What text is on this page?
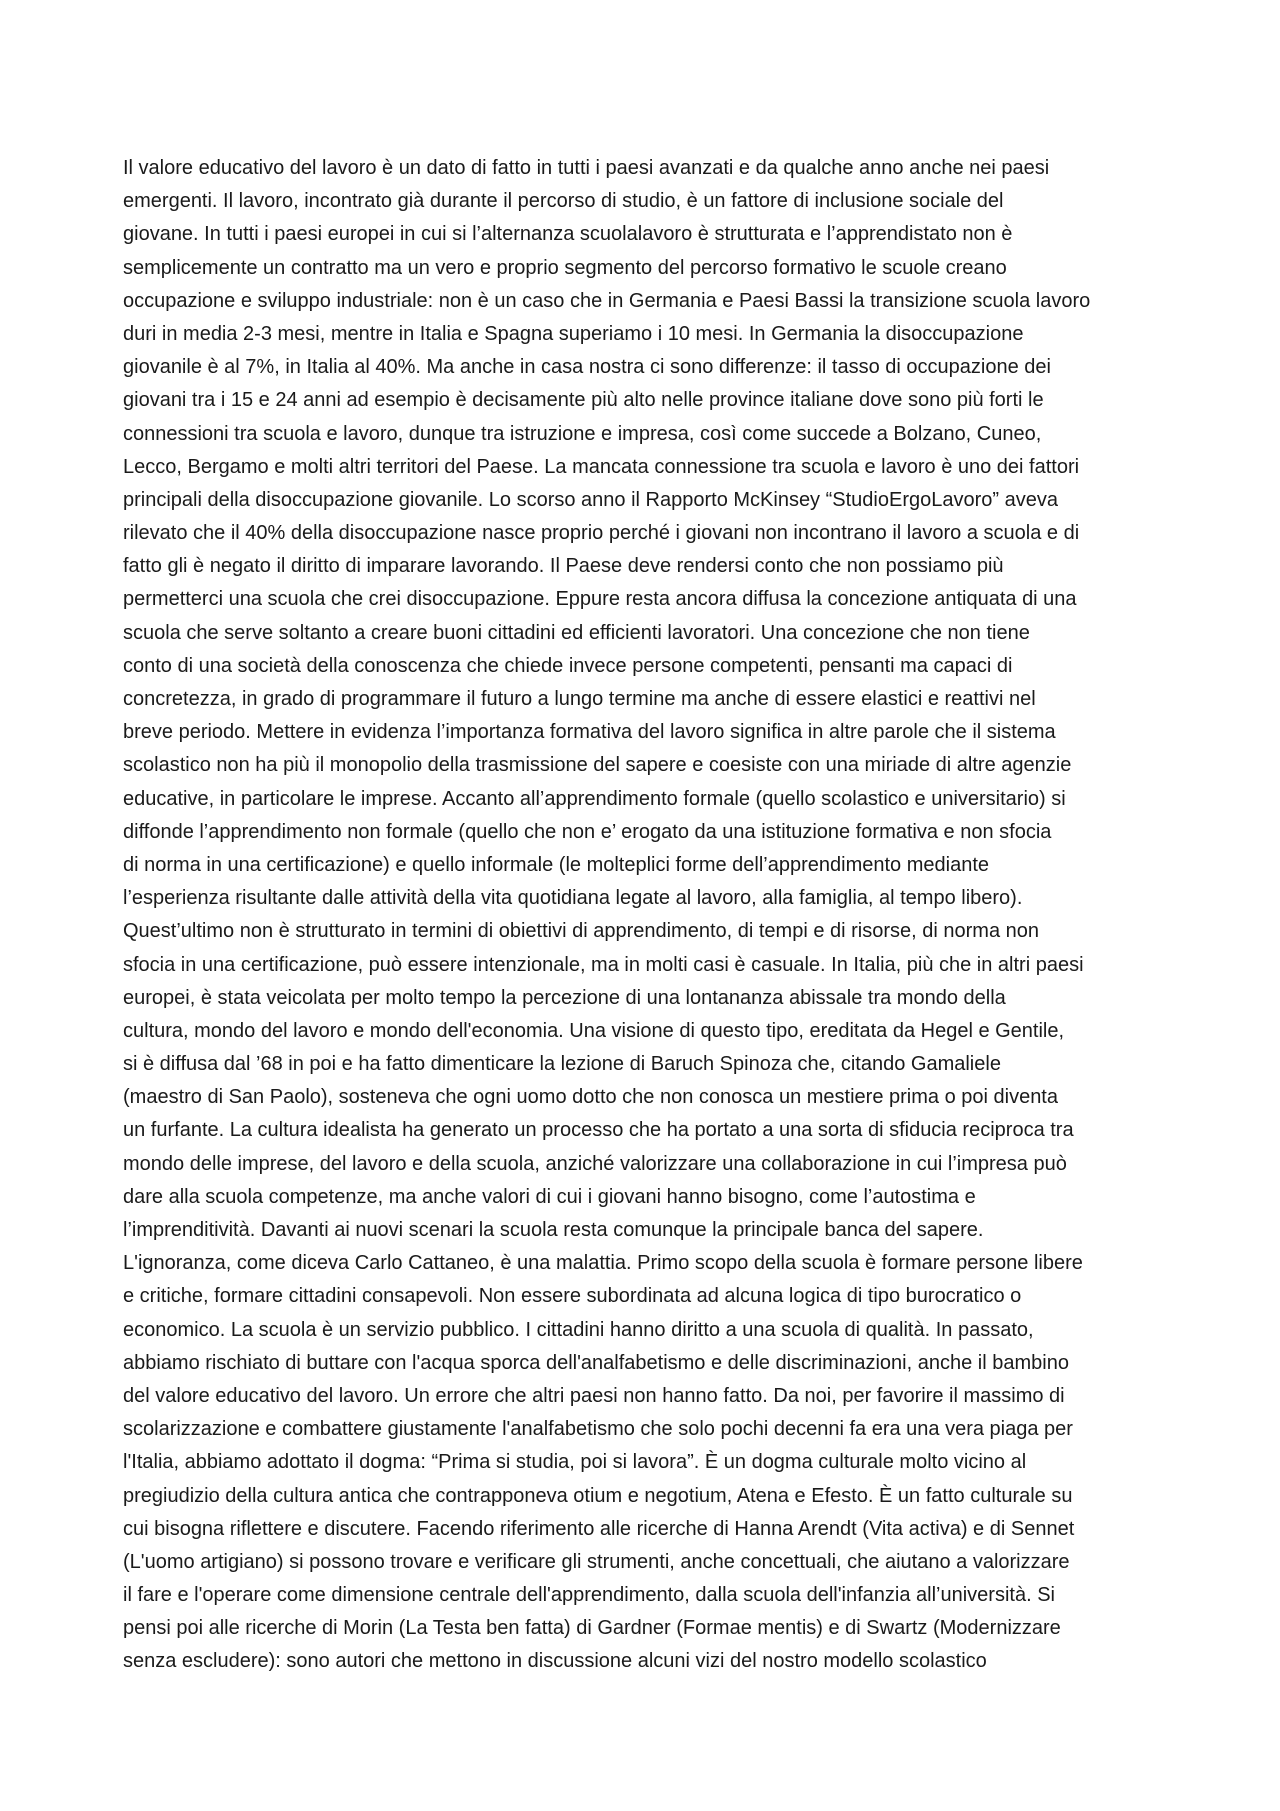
Il valore educativo del lavoro è un dato di fatto in tutti i paesi avanzati e da qualche anno anche nei paesi
emergenti. Il lavoro, incontrato già durante il percorso di studio, è un fattore di inclusione sociale del
giovane. In tutti i paesi europei in cui si l’alternanza scuolalavoro è strutturata e l’apprendistato non è
semplicemente un contratto ma un vero e proprio segmento del percorso formativo le scuole creano
occupazione e sviluppo industriale: non è un caso che in Germania e Paesi Bassi la transizione scuola lavoro
duri in media 2-3 mesi, mentre in Italia e Spagna superiamo i 10 mesi. In Germania la disoccupazione
giovanile è al 7%, in Italia al 40%. Ma anche in casa nostra ci sono differenze: il tasso di occupazione dei
giovani tra i 15 e 24 anni ad esempio è decisamente più alto nelle province italiane dove sono più forti le
connessioni tra scuola e lavoro, dunque tra istruzione e impresa, così come succede a Bolzano, Cuneo,
Lecco, Bergamo e molti altri territori del Paese. La mancata connessione tra scuola e lavoro è uno dei fattori
principali della disoccupazione giovanile. Lo scorso anno il Rapporto McKinsey “StudioErgoLavoro” aveva
rilevato che il 40% della disoccupazione nasce proprio perché i giovani non incontrano il lavoro a scuola e di
fatto gli è negato il diritto di imparare lavorando. Il Paese deve rendersi conto che non possiamo più
permetterci una scuola che crei disoccupazione. Eppure resta ancora diffusa la concezione antiquata di una
scuola che serve soltanto a creare buoni cittadini ed efficienti lavoratori. Una concezione che non tiene
conto di una società della conoscenza che chiede invece persone competenti, pensanti ma capaci di
concretezza, in grado di programmare il futuro a lungo termine ma anche di essere elastici e reattivi nel
breve periodo. Mettere in evidenza l’importanza formativa del lavoro significa in altre parole che il sistema
scolastico non ha più il monopolio della trasmissione del sapere e coesiste con una miriade di altre agenzie
educative, in particolare le imprese. Accanto all’apprendimento formale (quello scolastico e universitario) si
diffonde l’apprendimento non formale (quello che non e’ erogato da una istituzione formativa e non sfocia
di norma in una certificazione) e quello informale (le molteplici forme dell’apprendimento mediante
l’esperienza risultante dalle attività della vita quotidiana legate al lavoro, alla famiglia, al tempo libero).
Quest’ultimo non è strutturato in termini di obiettivi di apprendimento, di tempi e di risorse, di norma non
sfocia in una certificazione, può essere intenzionale, ma in molti casi è casuale. In Italia, più che in altri paesi
europei, è stata veicolata per molto tempo la percezione di una lontananza abissale tra mondo della
cultura, mondo del lavoro e mondo dell'economia. Una visione di questo tipo, ereditata da Hegel e Gentile,
si è diffusa dal ’68 in poi e ha fatto dimenticare la lezione di Baruch Spinoza che, citando Gamaliele
(maestro di San Paolo), sosteneva che ogni uomo dotto che non conosca un mestiere prima o poi diventa
un furfante. La cultura idealista ha generato un processo che ha portato a una sorta di sfiducia reciproca tra
mondo delle imprese, del lavoro e della scuola, anziché valorizzare una collaborazione in cui l’impresa può
dare alla scuola competenze, ma anche valori di cui i giovani hanno bisogno, come l’autostima e
l’imprenditività. Davanti ai nuovi scenari la scuola resta comunque la principale banca del sapere.
L'ignoranza, come diceva Carlo Cattaneo, è una malattia. Primo scopo della scuola è formare persone libere
e critiche, formare cittadini consapevoli. Non essere subordinata ad alcuna logica di tipo burocratico o
economico. La scuola è un servizio pubblico. I cittadini hanno diritto a una scuola di qualità. In passato,
abbiamo rischiato di buttare con l'acqua sporca dell'analfabetismo e delle discriminazioni, anche il bambino
del valore educativo del lavoro. Un errore che altri paesi non hanno fatto. Da noi, per favorire il massimo di
scolarizzazione e combattere giustamente l'analfabetismo che solo pochi decenni fa era una vera piaga per
l'Italia, abbiamo adottato il dogma: “Prima si studia, poi si lavora”. È un dogma culturale molto vicino al
pregiudizio della cultura antica che contrapponeva otium e negotium, Atena e Efesto. È un fatto culturale su
cui bisogna riflettere e discutere. Facendo riferimento alle ricerche di Hanna Arendt (Vita activa) e di Sennet
(L'uomo artigiano) si possono trovare e verificare gli strumenti, anche concettuali, che aiutano a valorizzare
il fare e l'operare come dimensione centrale dell'apprendimento, dalla scuola dell'infanzia all’università. Si
pensi poi alle ricerche di Morin (La Testa ben fatta) di Gardner (Formae mentis) e di Swartz (Modernizzare
senza escludere): sono autori che mettono in discussione alcuni vizi del nostro modello scolastico
